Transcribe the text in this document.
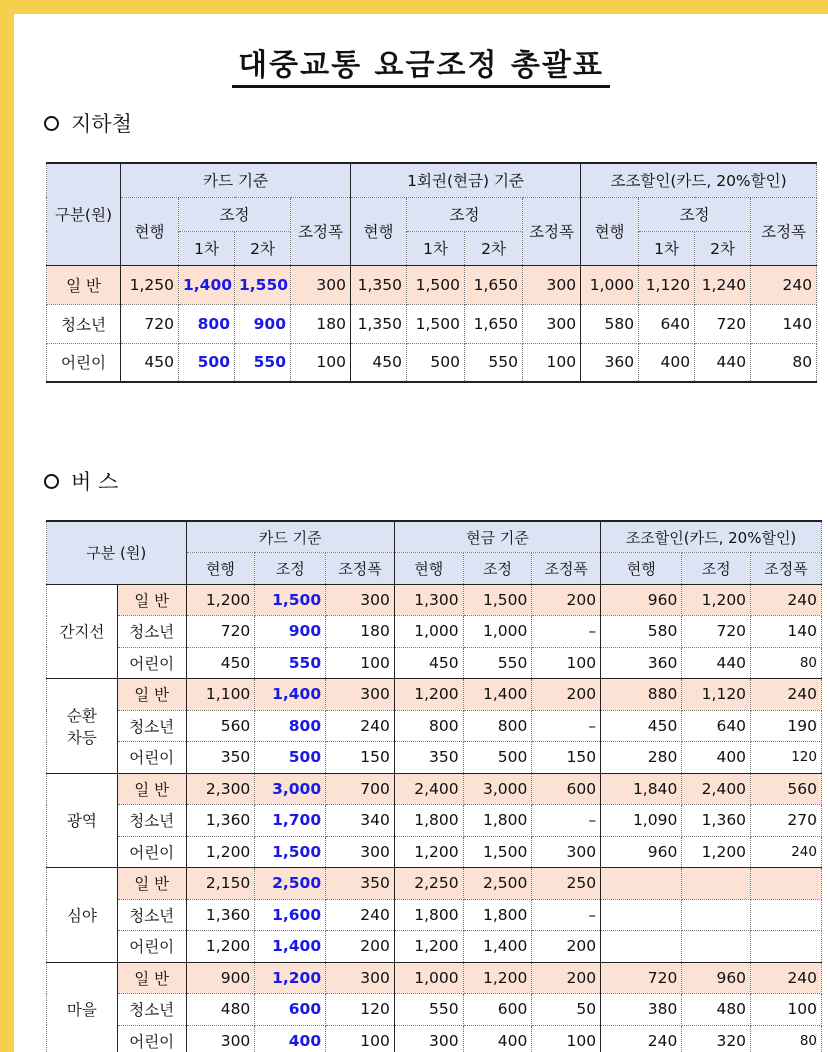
대중교통 요금조정 총괄표
지하철
구분(원)	카드 기준				1회권(현금) 기준				조조할인(카드, 20%할인)			
	현행	조정		조정폭	현행	조정		조정폭	현행	조정		조정폭
		1차	2차			1차	2차			1차	2차	
일 반	1,250	1,400	1,550	300	1,350	1,500	1,650	300	1,000	1,120	1,240	240
청소년	720	800	900	180	1,350	1,500	1,650	300	580	640	720	140
어린이	450	500	550	100	450	500	550	100	360	400	440	80
버 스
구분 (원)		카드 기준			현금 기준			조조할인(카드, 20%할인)		
		현행	조정	조정폭	현행	조정	조정폭	현행	조정	조정폭
간지선	일 반	1,200	1,500	300	1,300	1,500	200	960	1,200	240
	청소년	720	900	180	1,000	1,000	–	580	720	140
	어린이	450	550	100	450	550	100	360	440	80
순환
차등	일 반	1,100	1,400	300	1,200	1,400	200	880	1,120	240
	청소년	560	800	240	800	800	–	450	640	190
	어린이	350	500	150	350	500	150	280	400	120
광역	일 반	2,300	3,000	700	2,400	3,000	600	1,840	2,400	560
	청소년	1,360	1,700	340	1,800	1,800	–	1,090	1,360	270
	어린이	1,200	1,500	300	1,200	1,500	300	960	1,200	240
심야	일 반	2,150	2,500	350	2,250	2,500	250			
	청소년	1,360	1,600	240	1,800	1,800	–			
	어린이	1,200	1,400	200	1,200	1,400	200			
마을	일 반	900	1,200	300	1,000	1,200	200	720	960	240
	청소년	480	600	120	550	600	50	380	480	100
	어린이	300	400	100	300	400	100	240	320	80
